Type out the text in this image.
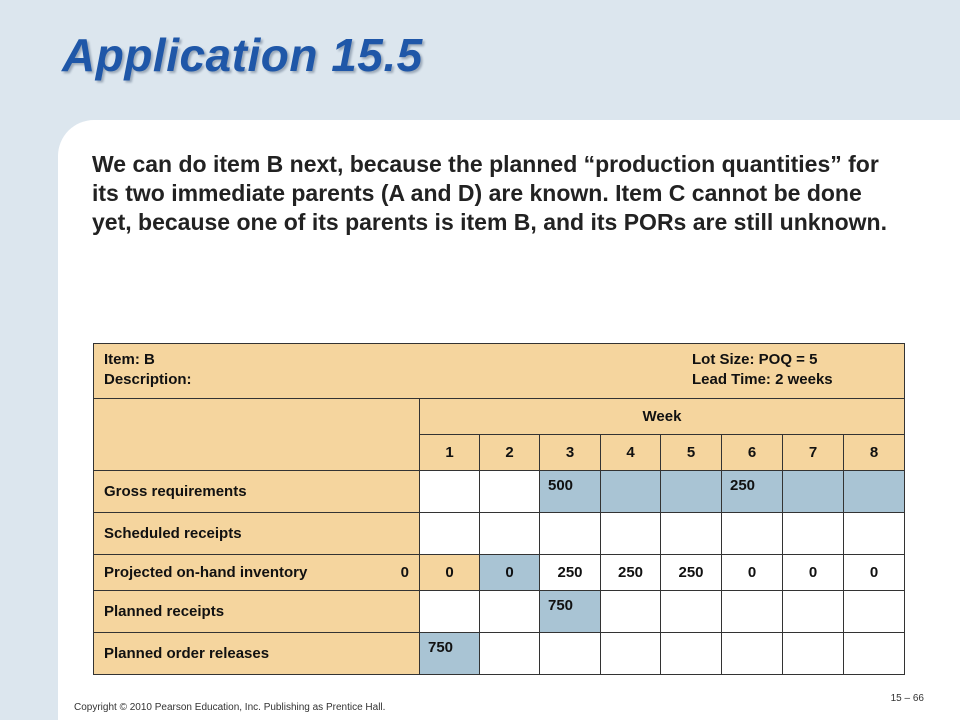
Application 15.5

We can do item B next, because the planned “production quantities” for its two immediate parents (A and D) are known. Item C cannot be done yet, because one of its parents is item B, and its PORs are still unknown.

Item: B
Description:
Lot Size: POQ = 5
Lead Time: 2 weeks								

	Week							
	1	2	3	4	5	6	7	8
Gross requirements			500			250		
Scheduled receipts								
Projected on-hand inventory 0	0	0	250	250	250	0	0	0
Planned receipts			750					
Planned order releases	750							
Copyright © 2010 Pearson Education, Inc. Publishing as Prentice Hall.
15 – 66
